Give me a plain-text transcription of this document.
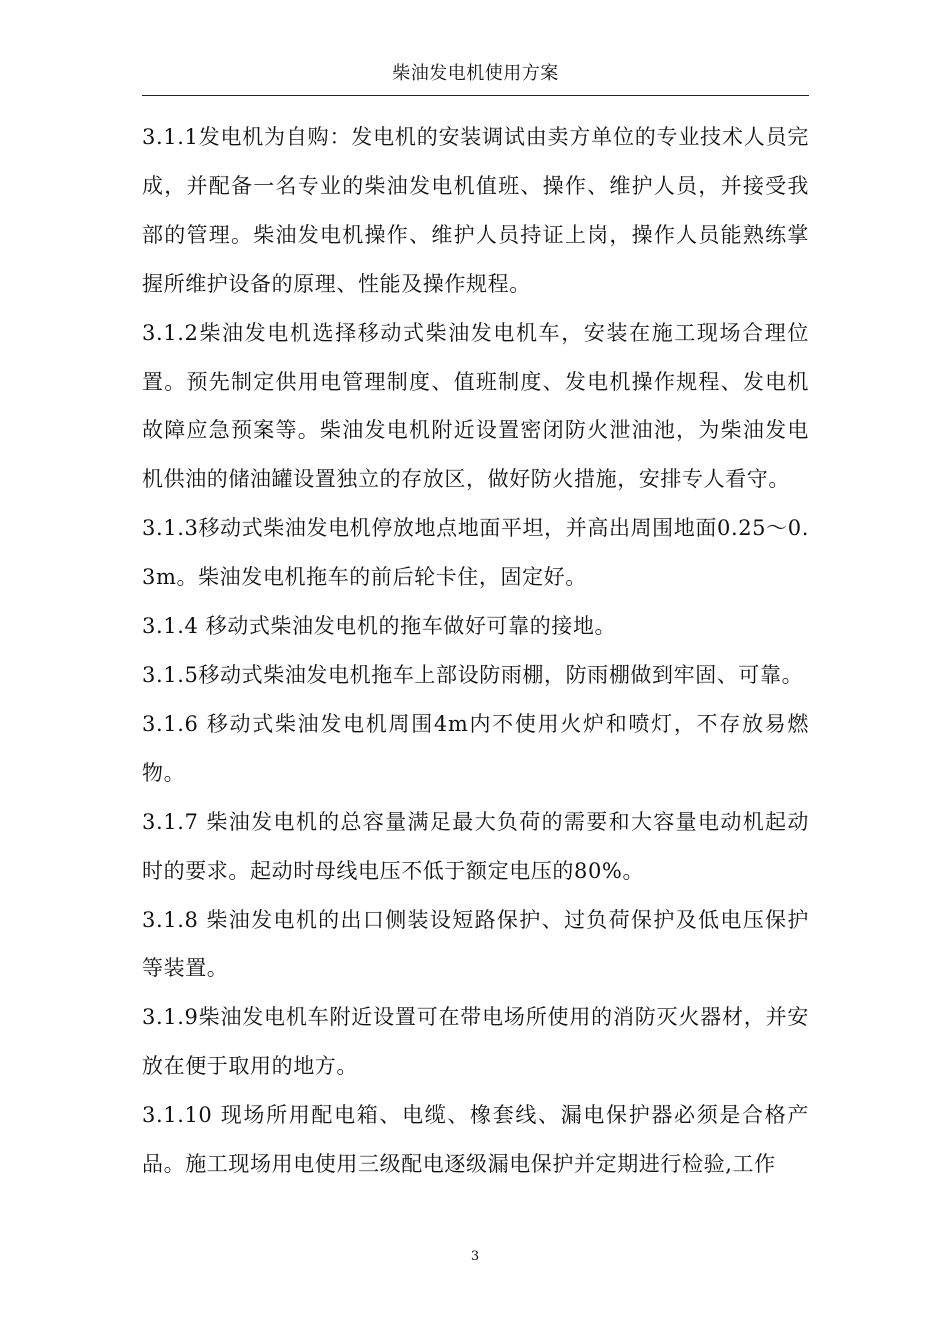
柴油发电机使用方案

3.1.1发电机为自购：发电机的安装调试由卖方单位的专业技术人员完成，并配备一名专业的柴油发电机值班、操作、维护人员，并接受我部的管理。柴油发电机操作、维护人员持证上岗，操作人员能熟练掌握所维护设备的原理、性能及操作规程。

3.1.2柴油发电机选择移动式柴油发电机车，安装在施工现场合理位置。预先制定供用电管理制度、值班制度、发电机操作规程、发电机故障应急预案等。柴油发电机附近设置密闭防火泄油池，为柴油发电机供油的储油罐设置独立的存放区，做好防火措施，安排专人看守。

3.1.3移动式柴油发电机停放地点地面平坦，并高出周围地面0.25～0.3m。柴油发电机拖车的前后轮卡住，固定好。

3.1.4 移动式柴油发电机的拖车做好可靠的接地。

3.1.5移动式柴油发电机拖车上部设防雨棚，防雨棚做到牢固、可靠。

3.1.6 移动式柴油发电机周围4m内不使用火炉和喷灯，不存放易燃物。

3.1.7 柴油发电机的总容量满足最大负荷的需要和大容量电动机起动时的要求。起动时母线电压不低于额定电压的80%。

3.1.8 柴油发电机的出口侧装设短路保护、过负荷保护及低电压保护等装置。

3.1.9柴油发电机车附近设置可在带电场所使用的消防灭火器材，并安放在便于取用的地方。

3.1.10 现场所用配电箱、电缆、橡套线、漏电保护器必须是合格产品。施工现场用电使用三级配电逐级漏电保护并定期进行检验,工作

3
